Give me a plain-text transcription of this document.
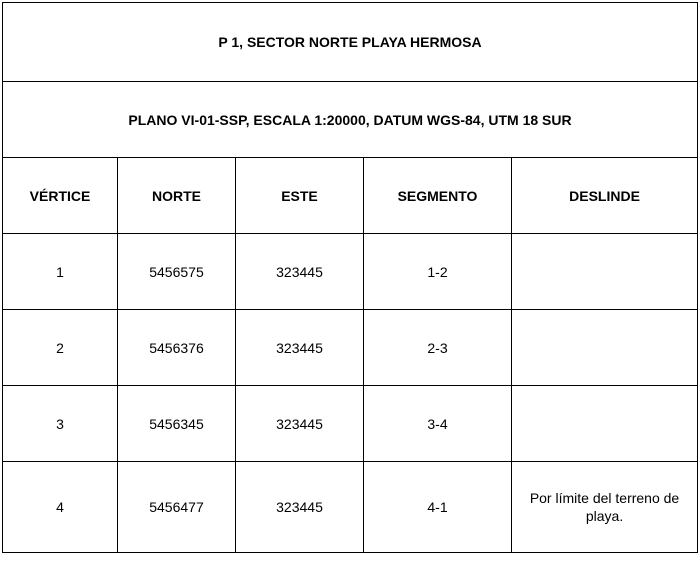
P 1, SECTOR NORTE PLAYA HERMOSA				
PLANO VI-01-SSP, ESCALA 1:20000, DATUM WGS-84, UTM 18 SUR				
VÉRTICE	NORTE	ESTE	SEGMENTO	DESLINDE
1	5456575	323445	1-2	
2	5456376	323445	2-3	
3	5456345	323445	3-4	
4	5456477	323445	4-1	Por límite del terreno de playa.
